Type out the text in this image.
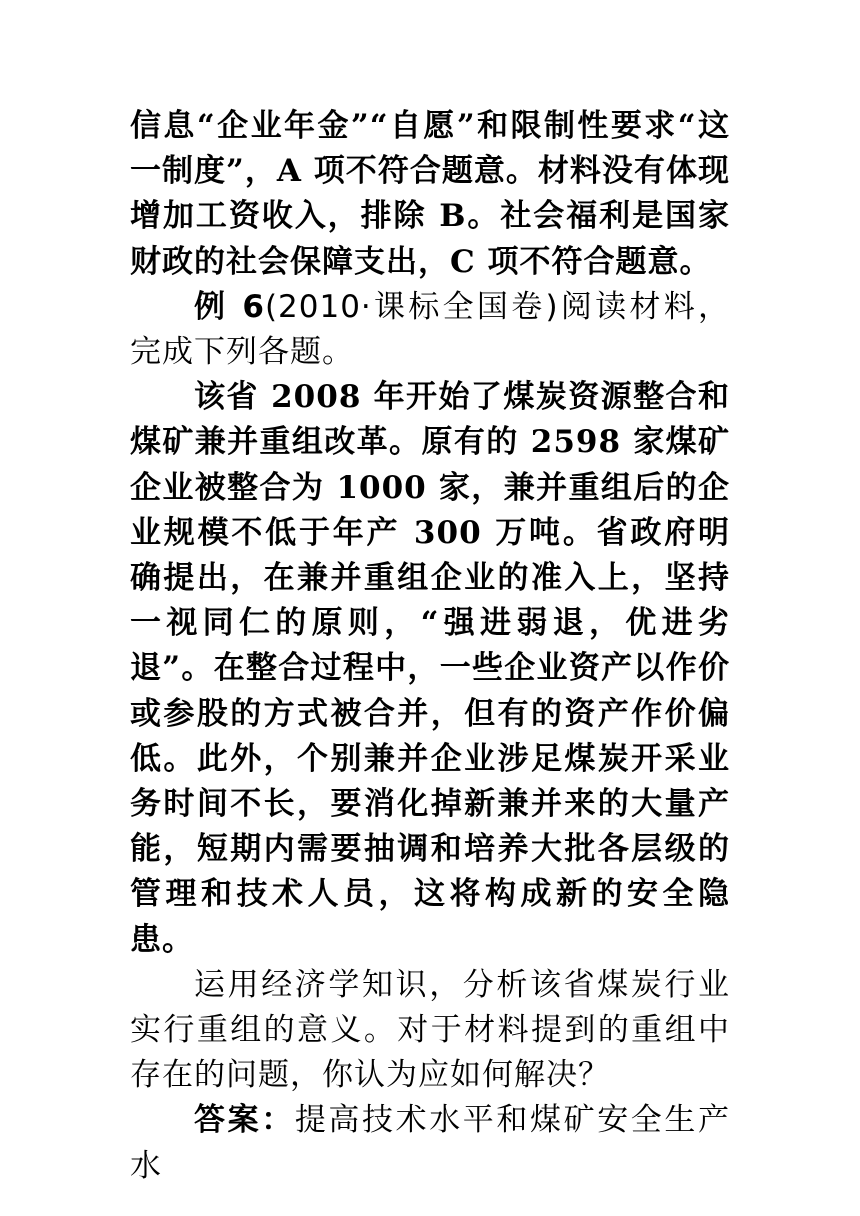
信息“企业年金”“自愿”和限制性要求“这一制度”，A 项不符合题意。材料没有体现增加工资收入，排除 B。社会福利是国家财政的社会保障支出，C 项不符合题意。

例 6(2010·课标全国卷)阅读材料，完成下列各题。

该省 2008 年开始了煤炭资源整合和煤矿兼并重组改革。原有的 2598 家煤矿企业被整合为 1000 家，兼并重组后的企业规模不低于年产 300 万吨。省政府明确提出，在兼并重组企业的准入上，坚持一视同仁的原则，“强进弱退，优进劣退”。在整合过程中，一些企业资产以作价或参股的方式被合并，但有的资产作价偏低。此外，个别兼并企业涉足煤炭开采业务时间不长，要消化掉新兼并来的大量产能，短期内需要抽调和培养大批各层级的管理和技术人员，这将构成新的安全隐患。

运用经济学知识，分析该省煤炭行业实行重组的意义。对于材料提到的重组中存在的问题，你认为应如何解决？

答案：提高技术水平和煤矿安全生产水
